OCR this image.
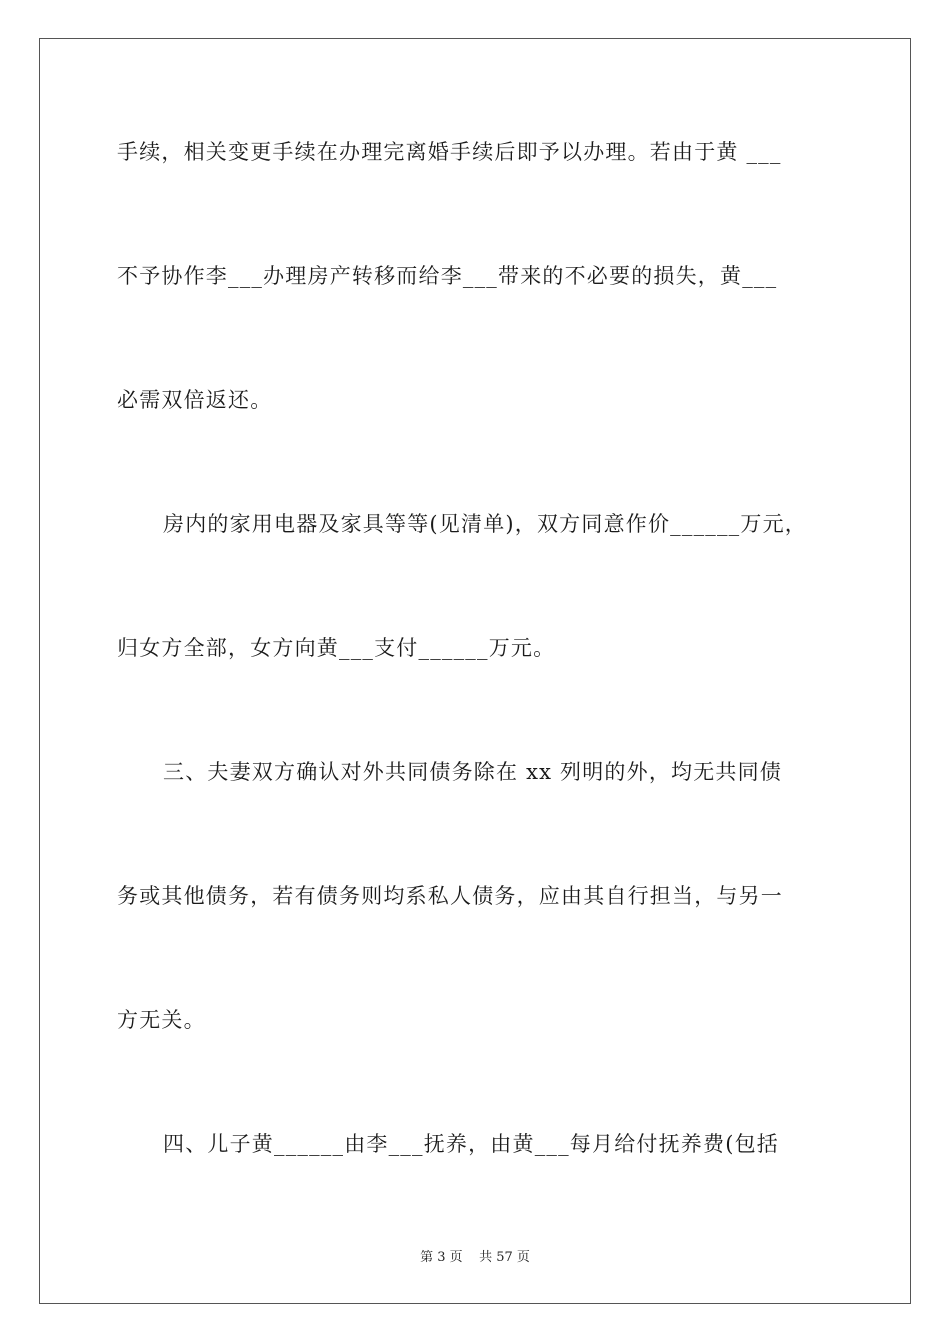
手续，相关变更手续在办理完离婚手续后即予以办理。若由于黄 ___
不予协作李___办理房产转移而给李___带来的不必要的损失，黄___
必需双倍返还。
房内的家用电器及家具等等(见清单)，双方同意作价______万元，
归女方全部，女方向黄___支付______万元。
三、夫妻双方确认对外共同债务除在 xx 列明的外，均无共同债
务或其他债务，若有债务则均系私人债务，应由其自行担当，与另一
方无关。
四、儿子黄______由李___抚养，由黄___每月给付抚养费(包括
第 3 页    共 57 页
